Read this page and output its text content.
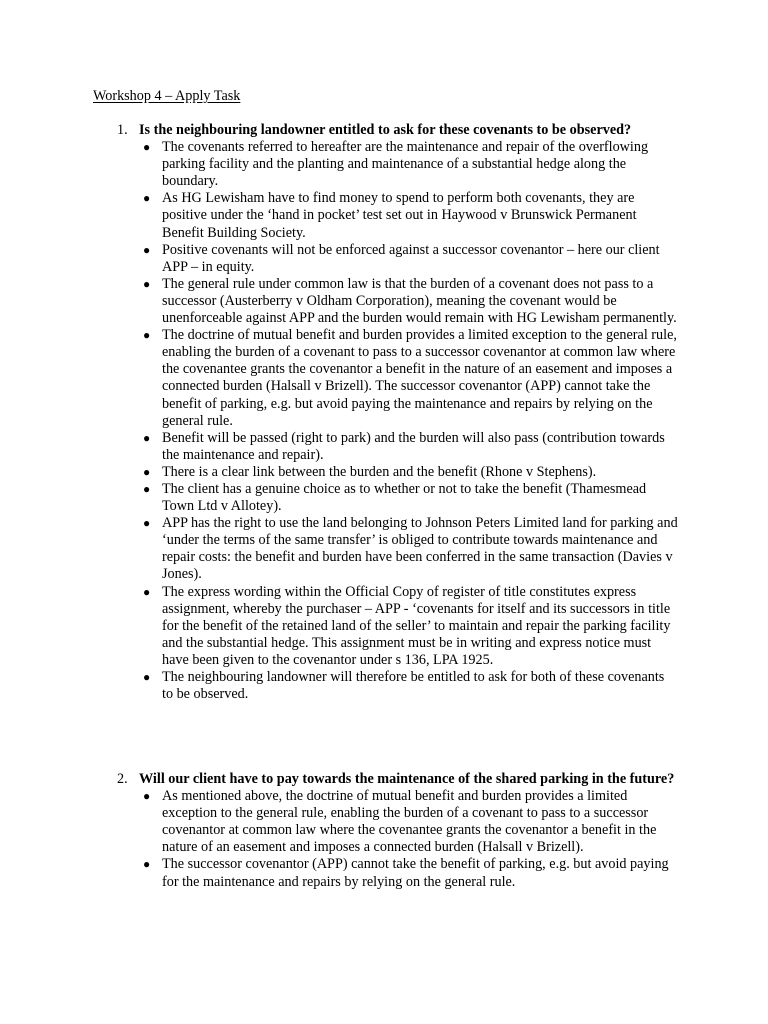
Workshop 4 – Apply Task
1. Is the neighbouring landowner entitled to ask for these covenants to be observed?
● The covenants referred to hereafter are the maintenance and repair of the overflowing parking facility and the planting and maintenance of a substantial hedge along the boundary.
● As HG Lewisham have to find money to spend to perform both covenants, they are positive under the ‘hand in pocket’ test set out in Haywood v Brunswick Permanent Benefit Building Society.
● Positive covenants will not be enforced against a successor covenantor – here our client APP – in equity.
● The general rule under common law is that the burden of a covenant does not pass to a successor (Austerberry v Oldham Corporation), meaning the covenant would be unenforceable against APP and the burden would remain with HG Lewisham permanently.
● The doctrine of mutual benefit and burden provides a limited exception to the general rule, enabling the burden of a covenant to pass to a successor covenantor at common law where the covenantee grants the covenantor a benefit in the nature of an easement and imposes a connected burden (Halsall v Brizell). The successor covenantor (APP) cannot take the benefit of parking, e.g. but avoid paying the maintenance and repairs by relying on the general rule.
● Benefit will be passed (right to park) and the burden will also pass (contribution towards the maintenance and repair).
● There is a clear link between the burden and the benefit (Rhone v Stephens).
● The client has a genuine choice as to whether or not to take the benefit (Thamesmead Town Ltd v Allotey).
● APP has the right to use the land belonging to Johnson Peters Limited land for parking and ‘under the terms of the same transfer’ is obliged to contribute towards maintenance and repair costs: the benefit and burden have been conferred in the same transaction (Davies v Jones).
● The express wording within the Official Copy of register of title constitutes express assignment, whereby the purchaser – APP - ‘covenants for itself and its successors in title for the benefit of the retained land of the seller’ to maintain and repair the parking facility and the substantial hedge. This assignment must be in writing and express notice must have been given to the covenantor under s 136, LPA 1925.
● The neighbouring landowner will therefore be entitled to ask for both of these covenants to be observed.
2. Will our client have to pay towards the maintenance of the shared parking in the future?
● As mentioned above, the doctrine of mutual benefit and burden provides a limited exception to the general rule, enabling the burden of a covenant to pass to a successor covenantor at common law where the covenantee grants the covenantor a benefit in the nature of an easement and imposes a connected burden (Halsall v Brizell).
● The successor covenantor (APP) cannot take the benefit of parking, e.g. but avoid paying for the maintenance and repairs by relying on the general rule.
